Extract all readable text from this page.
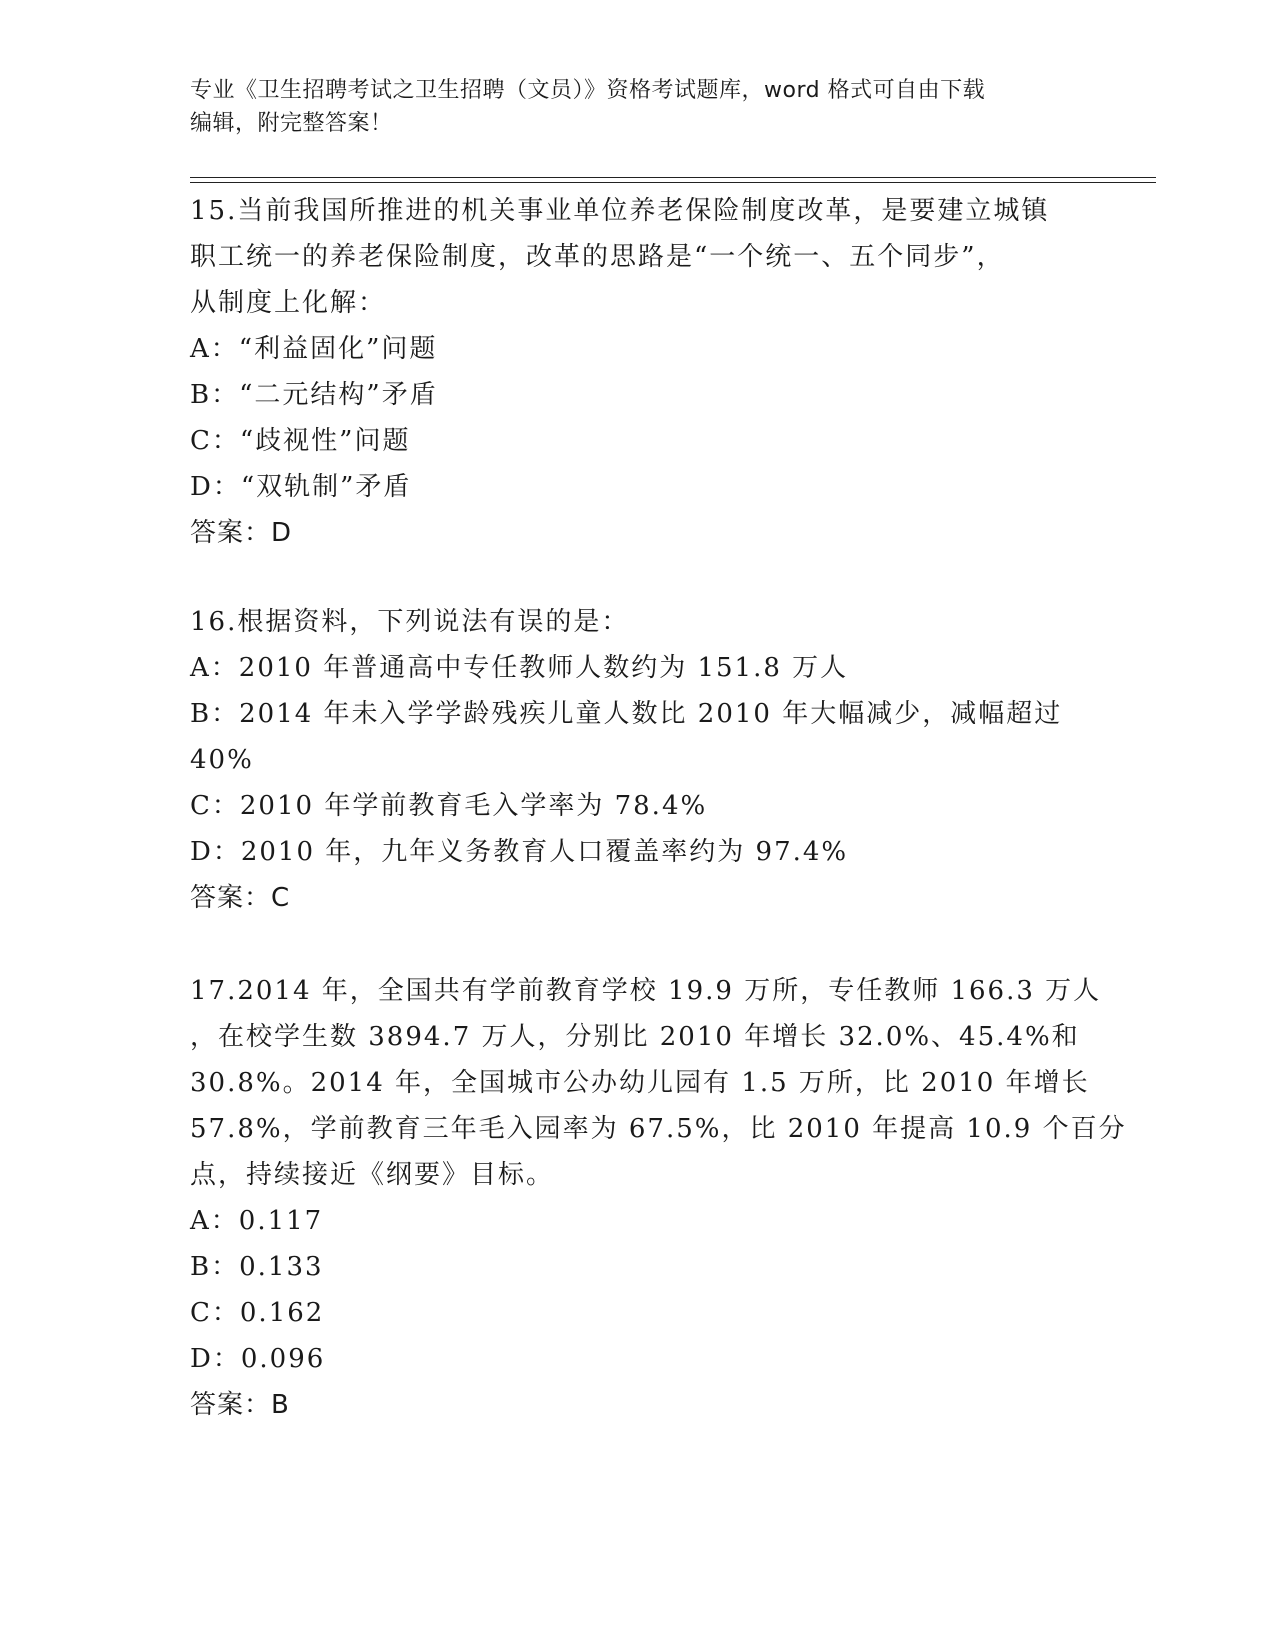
专业《卫生招聘考试之卫生招聘（文员）》资格考试题库，word 格式可自由下载
编辑，附完整答案！
15.当前我国所推进的机关事业单位养老保险制度改革，是要建立城镇
职工统一的养老保险制度，改革的思路是“一个统一、五个同步”，
从制度上化解：
A：“利益固化”问题
B：“二元结构”矛盾
C：“歧视性”问题
D：“双轨制”矛盾
答案：D
16.根据资料，下列说法有误的是：
A：2010 年普通高中专任教师人数约为 151.8 万人
B：2014 年未入学学龄残疾儿童人数比 2010 年大幅减少，减幅超过
40%
C：2010 年学前教育毛入学率为 78.4%
D：2010 年，九年义务教育人口覆盖率约为 97.4%
答案：C
17.2014 年，全国共有学前教育学校 19.9 万所，专任教师 166.3 万人
，在校学生数 3894.7 万人，分别比 2010 年增长 32.0%、45.4%和
30.8%。2014 年，全国城市公办幼儿园有 1.5 万所，比 2010 年增长
57.8%，学前教育三年毛入园率为 67.5%，比 2010 年提高 10.9 个百分
点，持续接近《纲要》目标。
A：0.117
B：0.133
C：0.162
D：0.096
答案：B
